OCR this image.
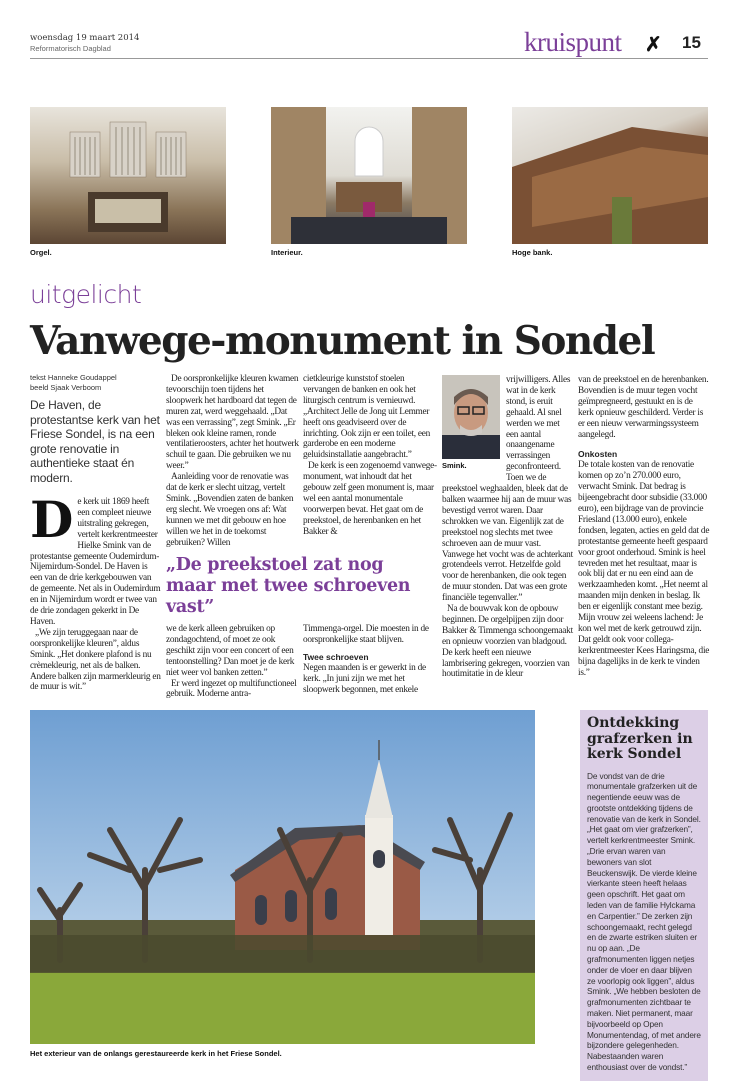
woensdag 19 maart 2014
Reformatorisch Dagblad	kruispunt ✗ 15
Orgel.	Interieur.	Hoge bank.
uitgelicht
Vanwege-monument in Sondel
tekst Hanneke Goudappel
beeld Sjaak Verboom
De Haven, de protestantse kerk van het Friese Sondel, is na een grote renovatie in authentieke staat én modern.
D e kerk uit 1869 heeft een compleet nieuwe uitstraling gekregen, vertelt kerkrentmeester Hielke Smink van de protestantse gemeente Oudemirdum-Nijemirdum-Sondel. De Haven is een van de drie kerkgebouwen van de gemeente. Net als in Oudemirdum en in Nijemirdum wordt er twee van de drie zondagen gekerkt in De Haven.

„We zijn teruggegaan naar de oorspronkelijke kleuren”, aldus Smink. „Het donkere plafond is nu crèmekleurig, net als de balken. Andere balken zijn marmerkleurig en de muur is wit.”

De oorspronkelijke kleuren kwamen tevoorschijn toen tijdens het sloopwerk het hardboard dat tegen de muren zat, werd weggehaald. „Dat was een verrassing”, zegt Smink. „Er bleken ook kleine ramen, ronde ventilatieroosters, achter het houtwerk schuil te gaan. Die gebruiken we nu weer.”

Aanleiding voor de renovatie was dat de kerk er slecht uitzag, vertelt Smink. „Bovendien zaten de banken erg slecht. We vroegen ons af: Wat kunnen we met dit gebouw en hoe willen we het in de toekomst gebruiken? Willen

cietkleurige kunststof stoelen vervangen de banken en ook het liturgisch centrum is vernieuwd. „Architect Jelle de Jong uit Lemmer heeft ons geadviseerd over de inrichting. Ook zijn er een toilet, een garderobe en een moderne geluidsinstallatie aangebracht.”

De kerk is een zogenoemd vanwege-monument, wat inhoudt dat het gebouw zelf geen monument is, maar wel een aantal monumentale voorwerpen bevat. Het gaat om de preekstoel, de herenbanken en het Bakker &

„De preekstoel zat nog maar met twee schroeven vast”

we de kerk alleen gebruiken op zondagochtend, of moet ze ook geschikt zijn voor een concert of een tentoonstelling? Dan moet je de kerk niet weer vol banken zetten.”

Er werd ingezet op multifunctioneel gebruik. Moderne antra-

Timmenga-orgel. Die moesten in de oorspronkelijke staat blijven.

Twee schroeven

Negen maanden is er gewerkt in de kerk. „In juni zijn we met het sloopwerk begonnen, met enkele

Smink.

vrijwilligers. Alles wat in de kerk stond, is eruit gehaald. Al snel werden we met een aantal onaangename verrassingen geconfronteerd. Toen we de preekstoel weghaalden, bleek dat de balken waarmee hij aan de muur was bevestigd verrot waren. Daar schrokken we van. Eigenlijk zat de preekstoel nog slechts met twee schroeven aan de muur vast. Vanwege het vocht was de achterkant grotendeels verrot. Hetzelfde gold voor de herenbanken, die ook tegen de muur stonden. Dat was een grote financiële tegenvaller.”

Na de bouwvak kon de opbouw beginnen. De orgelpijpen zijn door Bakker & Timmenga schoongemaakt en opnieuw voorzien van bladgoud. De kerk heeft een nieuwe lambrisering gekregen, voorzien van houtimitatie in de kleur

van de preekstoel en de herenbanken. Bovendien is de muur tegen vocht geïmpregneerd, gestuukt en is de kerk opnieuw geschilderd. Verder is er een nieuw verwarmingssysteem aangelegd.

Onkosten

De totale kosten van de renovatie komen op zo’n 270.000 euro, verwacht Smink. Dat bedrag is bijeengebracht door subsidie (33.000 euro), een bijdrage van de provincie Friesland (13.000 euro), enkele fondsen, legaten, acties en geld dat de protestantse gemeente heeft gespaard voor groot onderhoud. Smink is heel tevreden met het resultaat, maar is ook blij dat er nu een eind aan de werkzaamheden komt. „Het neemt al maanden mijn denken in beslag. Ik ben er eigenlijk constant mee bezig. Mijn vrouw zei weleens lachend: Je kon wel met de kerk getrouwd zijn. Dat geldt ook voor collega-kerkrentmeester Kees Haringsma, die bijna dagelijks in de kerk te vinden is.”

Het exterieur van de onlangs gerestaureerde kerk in het Friese Sondel.
Ontdekking grafzerken in kerk Sondel
De vondst van de drie monumentale grafzerken uit de negentiende eeuw was de grootste ontdekking tijdens de renovatie van de kerk in Sondel. „Het gaat om vier grafzerken”, vertelt kerkrentmeester Smink. „Drie ervan waren van bewoners van slot Beuckenswijk. De vierde kleine vierkante steen heeft helaas geen opschrift. Het gaat om leden van de familie Hylckama en Carpentier.” De zerken zijn schoongemaakt, recht gelegd en de zwarte estriken sluiten er nu op aan. „De grafmonumenten liggen netjes onder de vloer en daar blijven ze voorlopig ook liggen”, aldus Smink. „We hebben besloten de grafmonumenten zichtbaar te maken. Niet permanent, maar bijvoorbeeld op Open Monumentendag, of met andere bijzondere gelegenheden. Nabestaanden waren enthousiast over de vondst.”
